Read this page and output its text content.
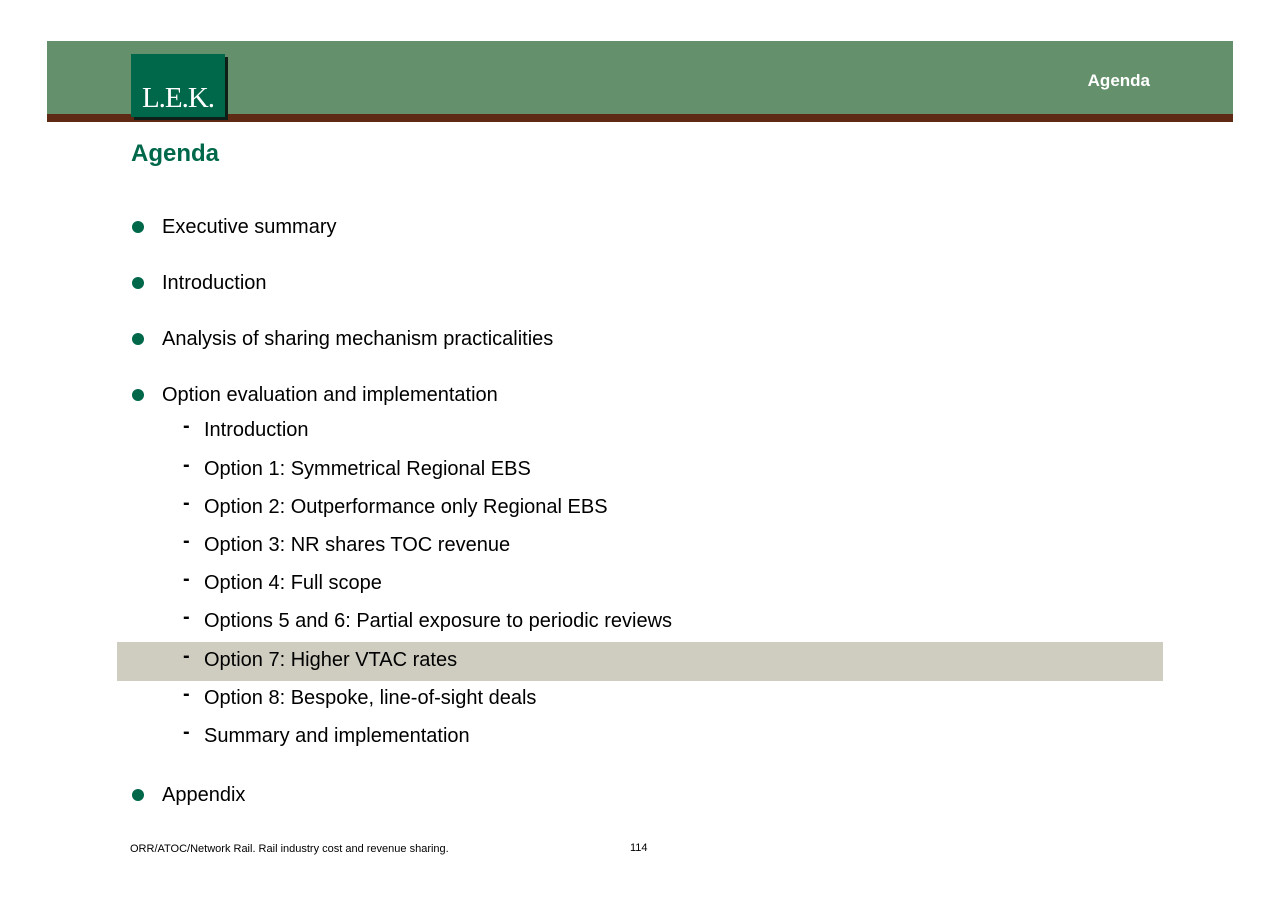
L.E.K.
Agenda
Agenda
Executive summary
Introduction
Analysis of sharing mechanism practicalities
Option evaluation and implementation
- Introduction
- Option 1: Symmetrical Regional EBS
- Option 2: Outperformance only Regional EBS
- Option 3: NR shares TOC revenue
- Option 4: Full scope
- Options 5 and 6: Partial exposure to periodic reviews
- Option 7: Higher VTAC rates
- Option 8: Bespoke, line-of-sight deals
- Summary and implementation
Appendix
ORR/ATOC/Network Rail. Rail industry cost and revenue sharing.	114
